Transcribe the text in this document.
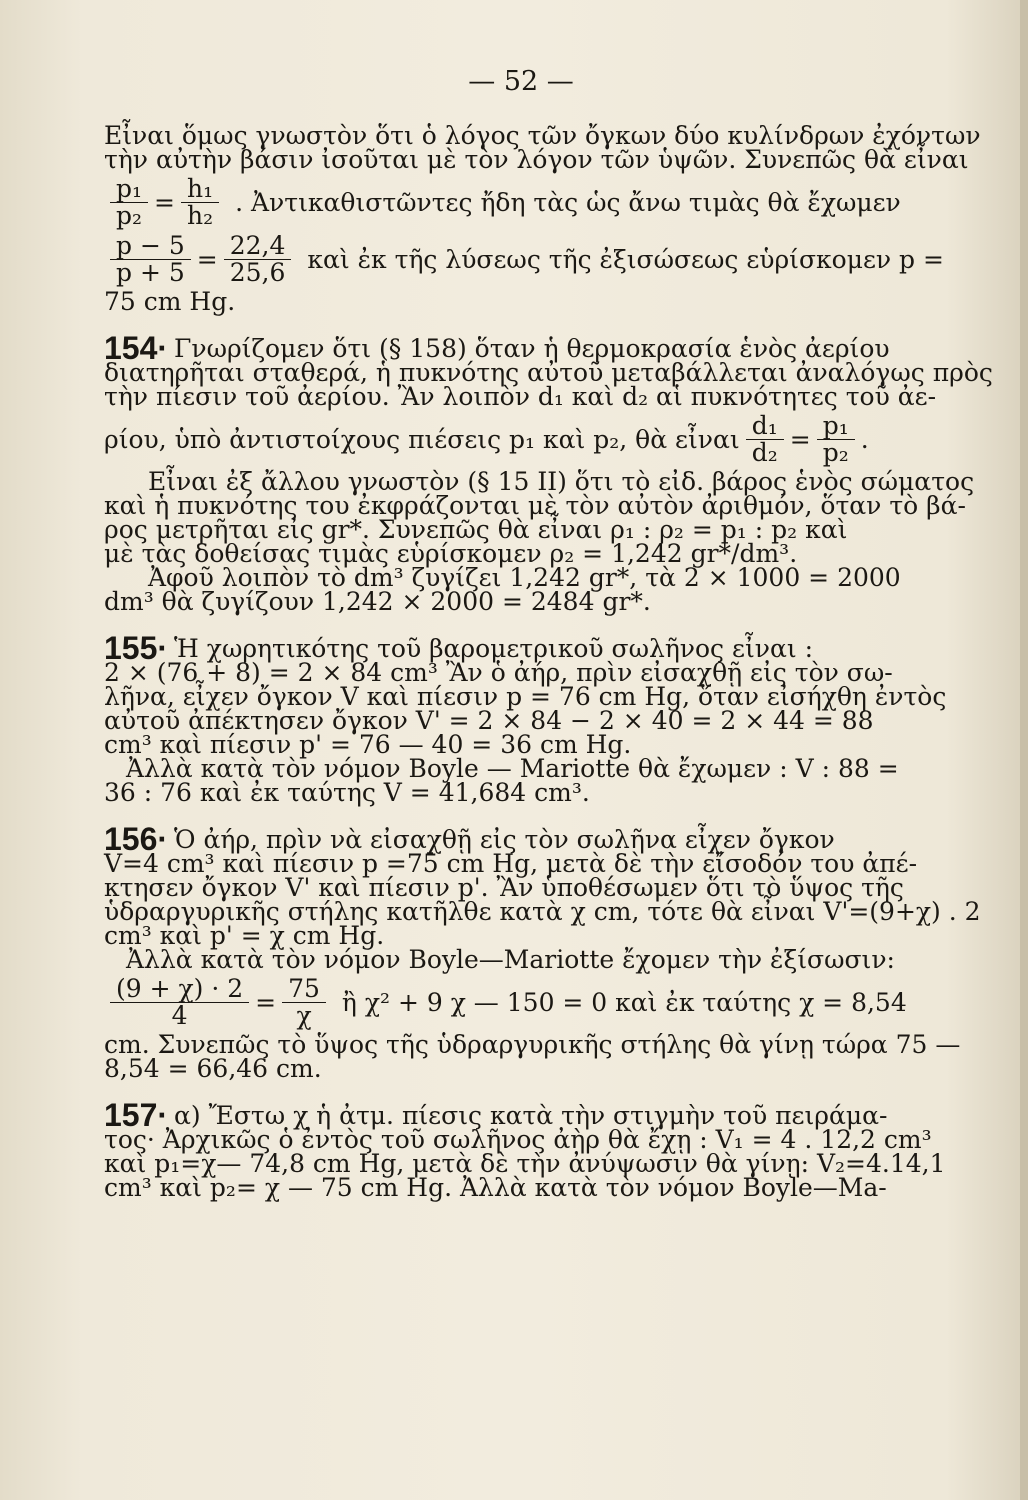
— 52 —
Εἶναι ὅμως γνωστὸν ὅτι ὁ λόγος τῶν ὄγκων δύο κυλίνδρων ἐχόντων
τὴν αὐτὴν βάσιν ἰσοῦται μὲ τὸν λόγον τῶν ὑψῶν. Συνεπῶς θὰ εἶναι
$\frac{\text{p₁}}{\text{p₂}} = \frac{\text{h₁}}{\text{h₂}}$ . Ἀντικαθιστῶντες ἤδη τὰς ὡς ἄνω τιμὰς θὰ ἔχωμεν
$\frac{p - 5}{p + 5} = \frac{22,4}{25,6}$ καὶ ἐκ τῆς λύσεως τῆς ἐξισώσεως εὑρίσκομεν p =
75 cm Hg.
154· Γνωρίζομεν ὅτι (§ 158) ὅταν ἡ θερμοκρασία ἑνὸς ἀερίου
διατηρῆται σταθερά, ἡ πυκνότης αὐτοῦ μεταβάλλεται ἀναλόγως πρὸς
τὴν πίεσιν τοῦ ἀερίου. Ἂν λοιπὸν d₁ καὶ d₂ αἱ πυκνότητες τοῦ ἀε-
ρίου, ὑπὸ ἀντιστοίχους πιέσεις p₁ καὶ p₂, θὰ εἶναι $\frac{\text{d₁}}{\text{d₂}} = \frac{\text{p₁}}{\text{p₂}}$ .
Εἶναι ἐξ ἄλλου γνωστὸν (§ 15 II) ὅτι τὸ εἰδ. βάρος ἑνὸς σώματος
καὶ ἡ πυκνότης του ἐκφράζονται μὲ τὸν αὐτὸν ἀριθμόν, ὅταν τὸ βά-
ρος μετρῆται εἰς gr*. Συνεπῶς θὰ εἶναι ρ₁ : ρ₂ = p₁ : p₂ καὶ
μὲ τὰς δοθείσας τιμὰς εὑρίσκομεν ρ₂ = 1,242 gr*/dm³.
Ἀφοῦ λοιπὸν τὸ dm³ ζυγίζει 1,242 gr*, τὰ 2 × 1000 = 2000
dm³ θὰ ζυγίζουν 1,242 × 2000 = 2484 gr*.
155· Ἡ χωρητικότης τοῦ βαρομετρικοῦ σωλῆνος εἶναι :
2 × (76 + 8) = 2 × 84 cm³ Ἂν ὁ ἀήρ, πρὶν εἰσαχθῇ εἰς τὸν σω-
λῆνα, εἶχεν ὄγκον V καὶ πίεσιν p = 76 cm Hg, ὅταν εἰσήχθη ἐντὸς
αὐτοῦ ἀπέκτησεν ὄγκον V' = 2 × 84 − 2 × 40 = 2 × 44 = 88
cm³ καὶ πίεσιν p' = 76 — 40 = 36 cm Hg.
Ἀλλὰ κατὰ τὸν νόμον Boyle — Mariotte θὰ ἔχωμεν : V : 88 =
36 : 76 καὶ ἐκ ταύτης V = 41,684 cm³.
156· Ὁ ἀήρ, πρὶν νὰ εἰσαχθῇ εἰς τὸν σωλῆνα εἶχεν ὄγκον
V=4 cm³ καὶ πίεσιν p =75 cm Hg, μετὰ δὲ τὴν εἴσοδόν του ἀπέ-
κτησεν ὄγκον V' καὶ πίεσιν p'. Ἂν ὑποθέσωμεν ὅτι τὸ ὕψος τῆς
ὑδραργυρικῆς στήλης κατῆλθε κατὰ χ cm, τότε θὰ εἶναι V'=(9+χ) . 2
cm³ καὶ p' = χ cm Hg.
Ἀλλὰ κατὰ τὸν νόμον Boyle—Mariotte ἔχομεν τὴν ἐξίσωσιν:
$\frac{(9 + \chi) \cdot 2}{4} = \frac{75}{\chi}$ ἢ χ² + 9 χ — 150 = 0 καὶ ἐκ ταύτης χ = 8,54
cm. Συνεπῶς τὸ ὕψος τῆς ὑδραργυρικῆς στήλης θὰ γίνῃ τώρα 75 —
8,54 = 66,46 cm.
157· α) Ἔστω χ ἡ ἀτμ. πίεσις κατὰ τὴν στιγμὴν τοῦ πειράμα-
τος· Ἀρχικῶς ὁ ἐντὸς τοῦ σωλῆνος ἀὴρ θὰ ἔχῃ : V₁ = 4 . 12,2 cm³
καὶ p₁=χ— 74,8 cm Hg, μετὰ δὲ τὴν ἀνύψωσιν θὰ γίνῃ: V₂=4.14,1
cm³ καὶ p₂= χ — 75 cm Hg. Ἀλλὰ κατὰ τὸν νόμον Boyle—Ma-
